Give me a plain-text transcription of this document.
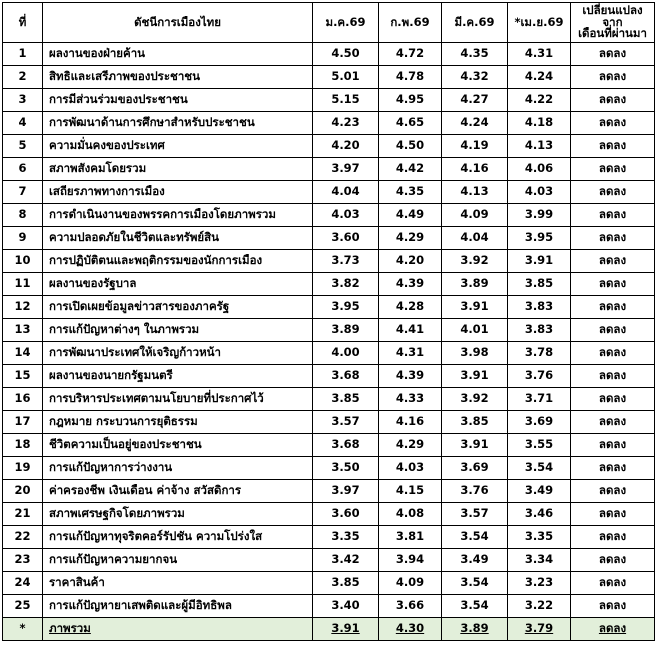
ที่	ดัชนีการเมืองไทย	ม.ค.69	ก.พ.69	มี.ค.69	*เม.ย.69	เปลี่ยนแปลงจาก
เดือนที่ผ่านมา

1	ผลงานของฝ่ายค้าน	4.50	4.72	4.35	4.31	ลดลง
2	สิทธิและเสรีภาพของประชาชน	5.01	4.78	4.32	4.24	ลดลง
3	การมีส่วนร่วมของประชาชน	5.15	4.95	4.27	4.22	ลดลง
4	การพัฒนาด้านการศึกษาสำหรับประชาชน	4.23	4.65	4.24	4.18	ลดลง
5	ความมั่นคงของประเทศ	4.20	4.50	4.19	4.13	ลดลง
6	สภาพสังคมโดยรวม	3.97	4.42	4.16	4.06	ลดลง
7	เสถียรภาพทางการเมือง	4.04	4.35	4.13	4.03	ลดลง
8	การดำเนินงานของพรรคการเมืองโดยภาพรวม	4.03	4.49	4.09	3.99	ลดลง
9	ความปลอดภัยในชีวิตและทรัพย์สิน	3.60	4.29	4.04	3.95	ลดลง
10	การปฏิบัติตนและพฤติกรรมของนักการเมือง	3.73	4.20	3.92	3.91	ลดลง
11	ผลงานของรัฐบาล	3.82	4.39	3.89	3.85	ลดลง
12	การเปิดเผยข้อมูลข่าวสารของภาครัฐ	3.95	4.28	3.91	3.83	ลดลง
13	การแก้ปัญหาต่างๆ ในภาพรวม	3.89	4.41	4.01	3.83	ลดลง
14	การพัฒนาประเทศให้เจริญก้าวหน้า	4.00	4.31	3.98	3.78	ลดลง
15	ผลงานของนายกรัฐมนตรี	3.68	4.39	3.91	3.76	ลดลง
16	การบริหารประเทศตามนโยบายที่ประกาศไว้	3.85	4.33	3.92	3.71	ลดลง
17	กฎหมาย กระบวนการยุติธรรม	3.57	4.16	3.85	3.69	ลดลง
18	ชีวิตความเป็นอยู่ของประชาชน	3.68	4.29	3.91	3.55	ลดลง
19	การแก้ปัญหาการว่างงาน	3.50	4.03	3.69	3.54	ลดลง
20	ค่าครองชีพ เงินเดือน ค่าจ้าง สวัสดิการ	3.97	4.15	3.76	3.49	ลดลง
21	สภาพเศรษฐกิจโดยภาพรวม	3.60	4.08	3.57	3.46	ลดลง
22	การแก้ปัญหาทุจริตคอร์รัปชัน ความโปร่งใส	3.35	3.81	3.54	3.35	ลดลง
23	การแก้ปัญหาความยากจน	3.42	3.94	3.49	3.34	ลดลง
24	ราคาสินค้า	3.85	4.09	3.54	3.23	ลดลง
25	การแก้ปัญหายาเสพติดและผู้มีอิทธิพล	3.40	3.66	3.54	3.22	ลดลง
*	ภาพรวม	3.91	4.30	3.89	3.79	ลดลง
